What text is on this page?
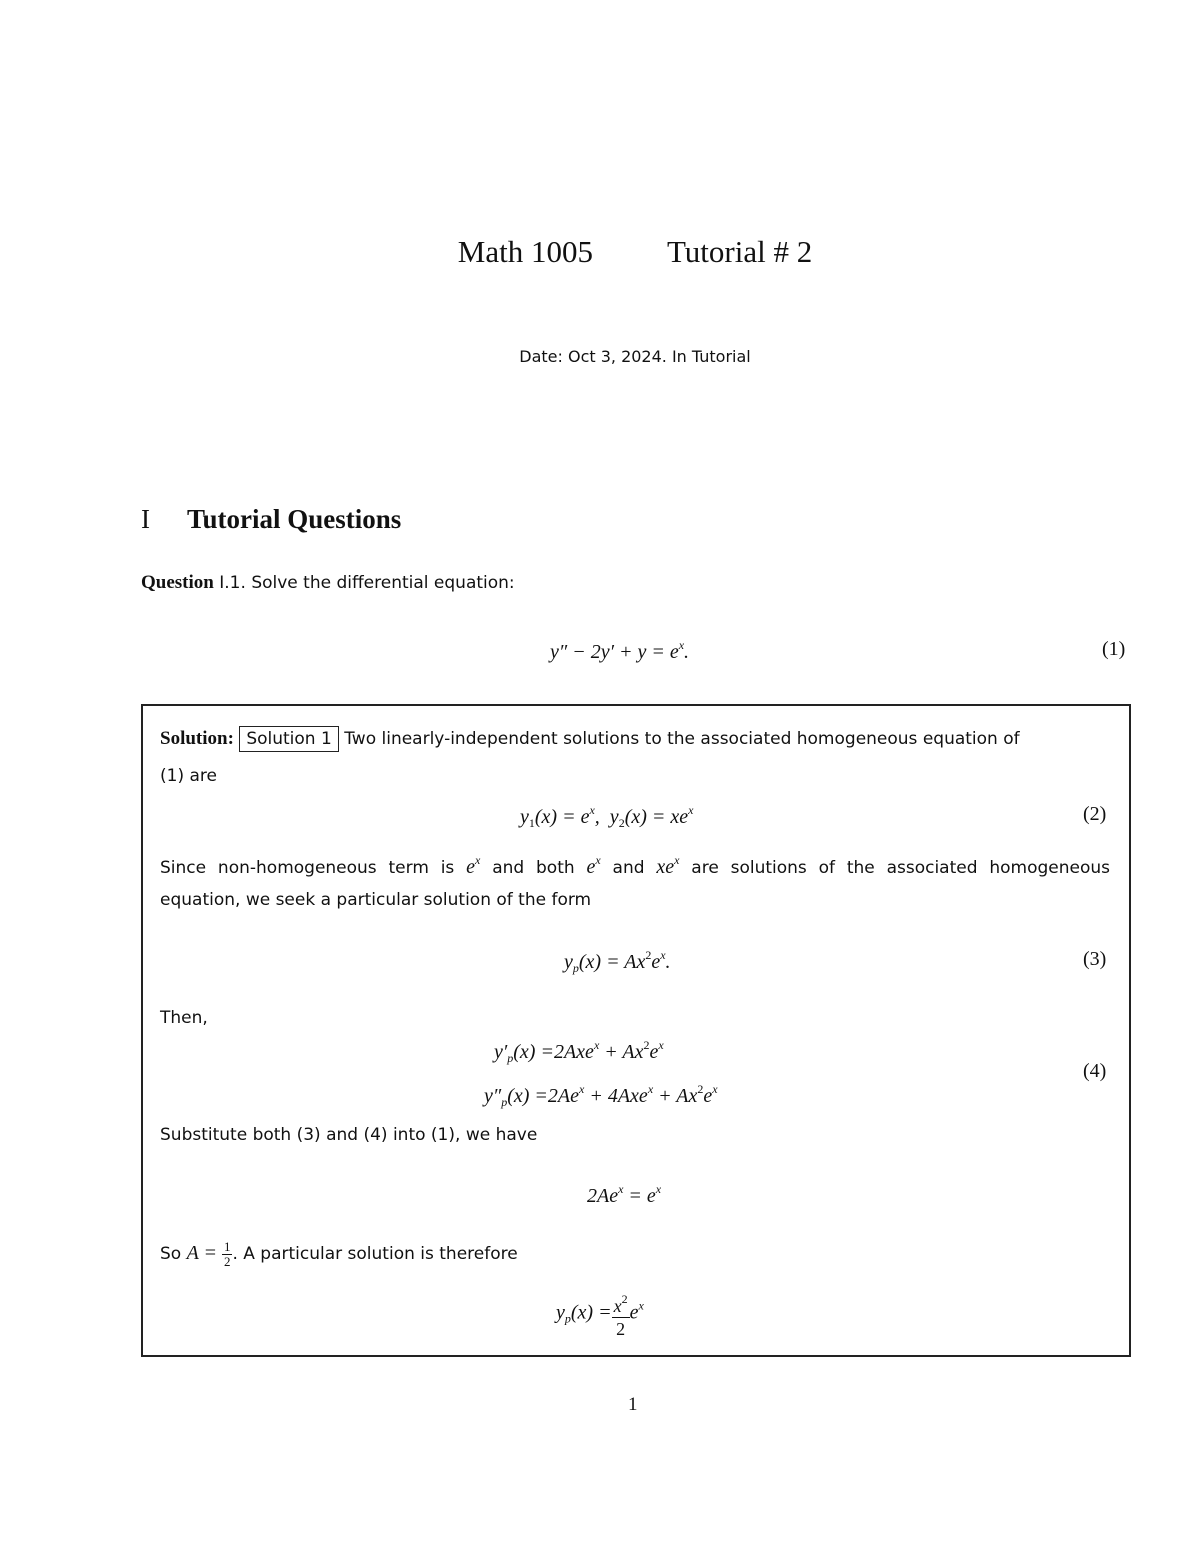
Math 1005 Tutorial # 2
Date: Oct 3, 2024. In Tutorial
I Tutorial Questions
Question I.1. Solve the differential equation:
$y'' - 2y' + y = e^x$.	(1)
Solution: Solution 1 Two linearly-independent solutions to the associated homogeneous equation of
(1) are
$y_1(x) = e^x$,  $y_2(x) = xe^x$	(2)
Since non-homogeneous term is $e^x$ and both $e^x$ and $xe^x$ are solutions of the associated homogeneous
equation, we seek a particular solution of the form
$y_p(x) = Ax^2e^x$.	(3)
Then,
$y'_p(x) =2Axe^x + Ax^2e^x$
$y''_p(x) =2Ae^x + 4Axe^x + Ax^2e^x$
(4)
Substitute both (3) and (4) into (1), we have
$2Ae^x = e^x$
So $A = \frac{1}{2}$ . A particular solution is therefore
$y_p(x) = \frac{x^2}{2} e^x$
1
